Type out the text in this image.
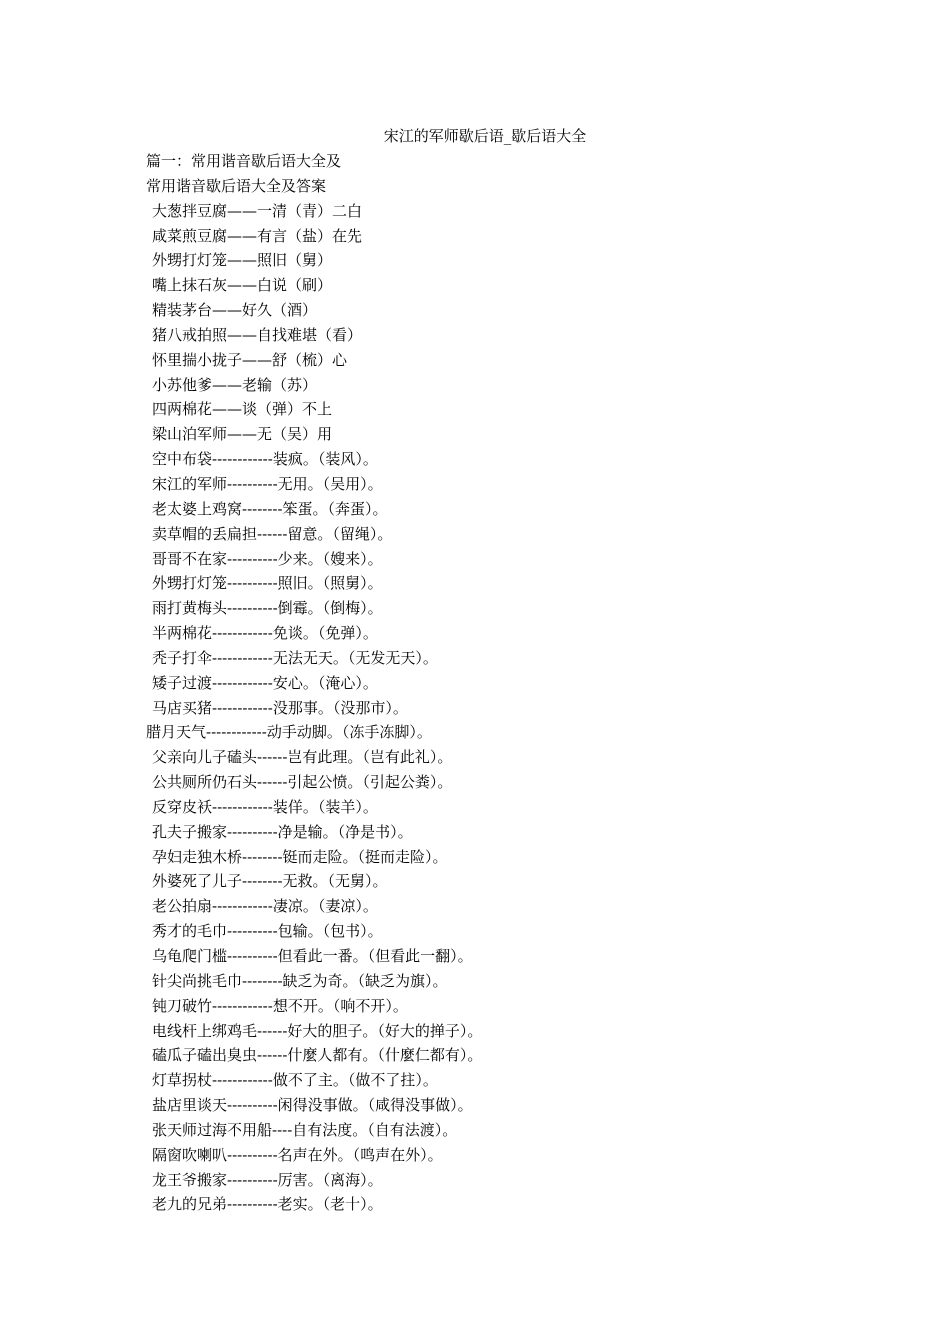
宋江的军师歇后语_歇后语大全
篇一：常用谐音歇后语大全及
常用谐音歇后语大全及答案
大葱拌豆腐——一清（青）二白
咸菜煎豆腐——有言（盐）在先
外甥打灯笼——照旧（舅）
嘴上抹石灰——白说（刷）
精装茅台——好久（酒）
猪八戒拍照——自找难堪（看）
怀里揣小拢子——舒（梳）心
小苏他爹——老输（苏）
四两棉花——谈（弹）不上
梁山泊军师——无（吴）用
空中布袋------------装疯。（装风）。
宋江的军师----------无用。（吴用）。
老太婆上鸡窝--------笨蛋。（奔蛋）。
卖草帽的丢扁担------留意。（留绳）。
哥哥不在家----------少来。（嫂来）。
外甥打灯笼----------照旧。（照舅）。
雨打黄梅头----------倒霉。（倒梅）。
半两棉花------------免谈。（免弹）。
秃子打伞------------无法无天。（无发无天）。
矮子过渡------------安心。（淹心）。
马店买猪------------没那事。（没那市）。
腊月天气------------动手动脚。（冻手冻脚）。
父亲向儿子磕头------岂有此理。（岂有此礼）。
公共厕所仍石头------引起公愤。（引起公粪）。
反穿皮袄------------装佯。（装羊）。
孔夫子搬家----------净是输。（净是书）。
孕妇走独木桥--------铤而走险。（挺而走险）。
外婆死了儿子--------无救。（无舅）。
老公拍扇------------凄凉。（妻凉）。
秀才的毛巾----------包输。（包书）。
乌龟爬门槛----------但看此一番。（但看此一翻）。
针尖尚挑毛巾--------缺乏为奇。（缺乏为旗）。
钝刀破竹------------想不开。（响不开）。
电线杆上绑鸡毛------好大的胆子。（好大的掸子）。
磕瓜子磕出臭虫------什麼人都有。（什麼仁都有）。
灯草拐杖------------做不了主。（做不了拄）。
盐店里谈天----------闲得没事做。（咸得没事做）。
张天师过海不用船----自有法度。（自有法渡）。
隔窗吹喇叭----------名声在外。（鸣声在外）。
龙王爷搬家----------厉害。（离海）。
老九的兄弟----------老实。（老十）。
